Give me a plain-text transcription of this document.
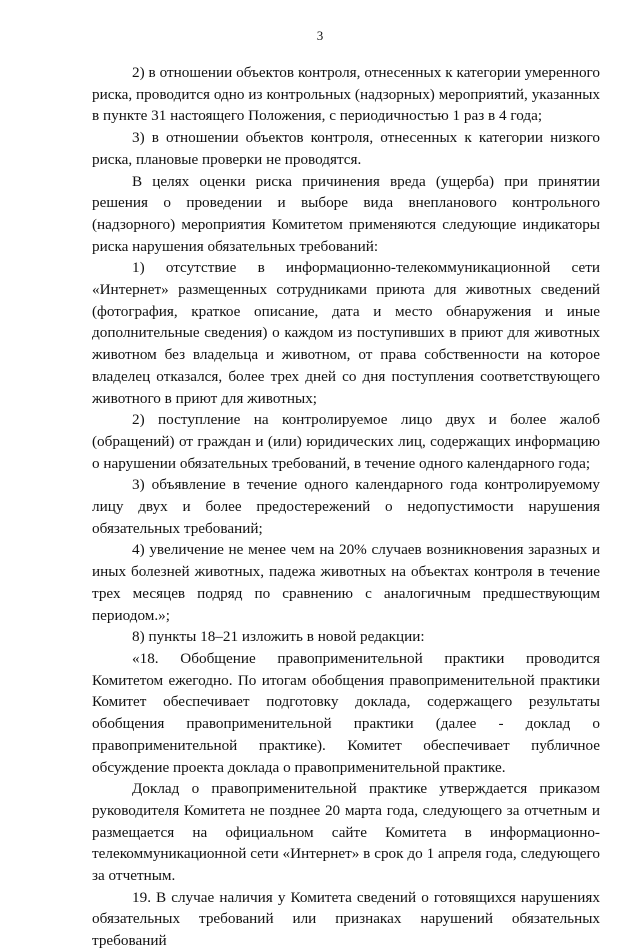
3

2) в отношении объектов контроля, отнесенных к категории умеренного риска, проводится одно из контрольных (надзорных) мероприятий, указанных в пункте 31 настоящего Положения, с периодичностью 1 раз в 4 года;

3) в отношении объектов контроля, отнесенных к категории низкого риска, плановые проверки не проводятся.

В целях оценки риска причинения вреда (ущерба) при принятии решения о проведении и выборе вида внепланового контрольного (надзорного) мероприятия Комитетом применяются следующие индикаторы риска нарушения обязательных требований:

1) отсутствие в информационно-телекоммуникационной сети «Интернет» размещенных сотрудниками приюта для животных сведений (фотография, краткое описание, дата и место обнаружения и иные дополнительные сведения) о каждом из поступивших в приют для животных животном без владельца и животном, от права собственности на которое владелец отказался, более трех дней со дня поступления соответствующего животного в приют для животных;

2) поступление на контролируемое лицо двух и более жалоб (обращений) от граждан и (или) юридических лиц, содержащих информацию о нарушении обязательных требований, в течение одного календарного года;

3) объявление в течение одного календарного года контролируемому лицу двух и более предостережений о недопустимости нарушения обязательных требований;

4) увеличение не менее чем на 20% случаев возникновения заразных и иных болезней животных, падежа животных на объектах контроля в течение трех месяцев подряд по сравнению с аналогичным предшествующим периодом.»;

8) пункты 18–21 изложить в новой редакции:

«18. Обобщение правоприменительной практики проводится Комитетом ежегодно. По итогам обобщения правоприменительной практики Комитет обеспечивает подготовку доклада, содержащего результаты обобщения правоприменительной практики (далее - доклад о правоприменительной практике). Комитет обеспечивает публичное обсуждение проекта доклада о правоприменительной практике.

Доклад о правоприменительной практике утверждается приказом руководителя Комитета не позднее 20 марта года, следующего за отчетным и размещается на официальном сайте Комитета в информационно-телекоммуникационной сети «Интернет» в срок до 1 апреля года, следующего за отчетным.

19. В случае наличия у Комитета сведений о готовящихся нарушениях обязательных требований или признаках нарушений обязательных требований
